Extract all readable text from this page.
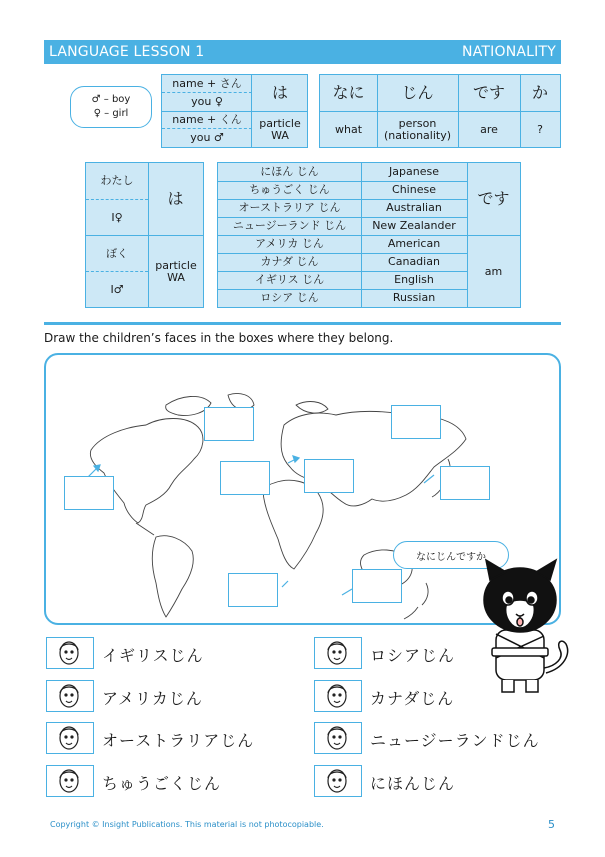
LANGUAGE LESSON 1	NATIONALITY
♂ – boy
♀ – girl
name + さん
you ♀
name + くん
you ♂
は
particle WA
なに	じん	です	か
what	person (nationality)	are	?
わたし
I♀
ぼく
I♂
は
particle WA
にほん じん	Japanese
ちゅうごく じん	Chinese
オーストラリア じん	Australian
ニュージーランド じん	New Zealander
アメリカ じん	American
カナダ じん	Canadian
イギリス じん	English
ロシア じん	Russian
です
am
Draw the children’s faces in the boxes where they belong.
なにじんですか
イギリスじん
アメリカじん
オーストラリアじん
ちゅうごくじん
ロシアじん
カナダじん
ニュージーランドじん
にほんじん
Copyright © Insight Publications. This material is not photocopiable.	5
